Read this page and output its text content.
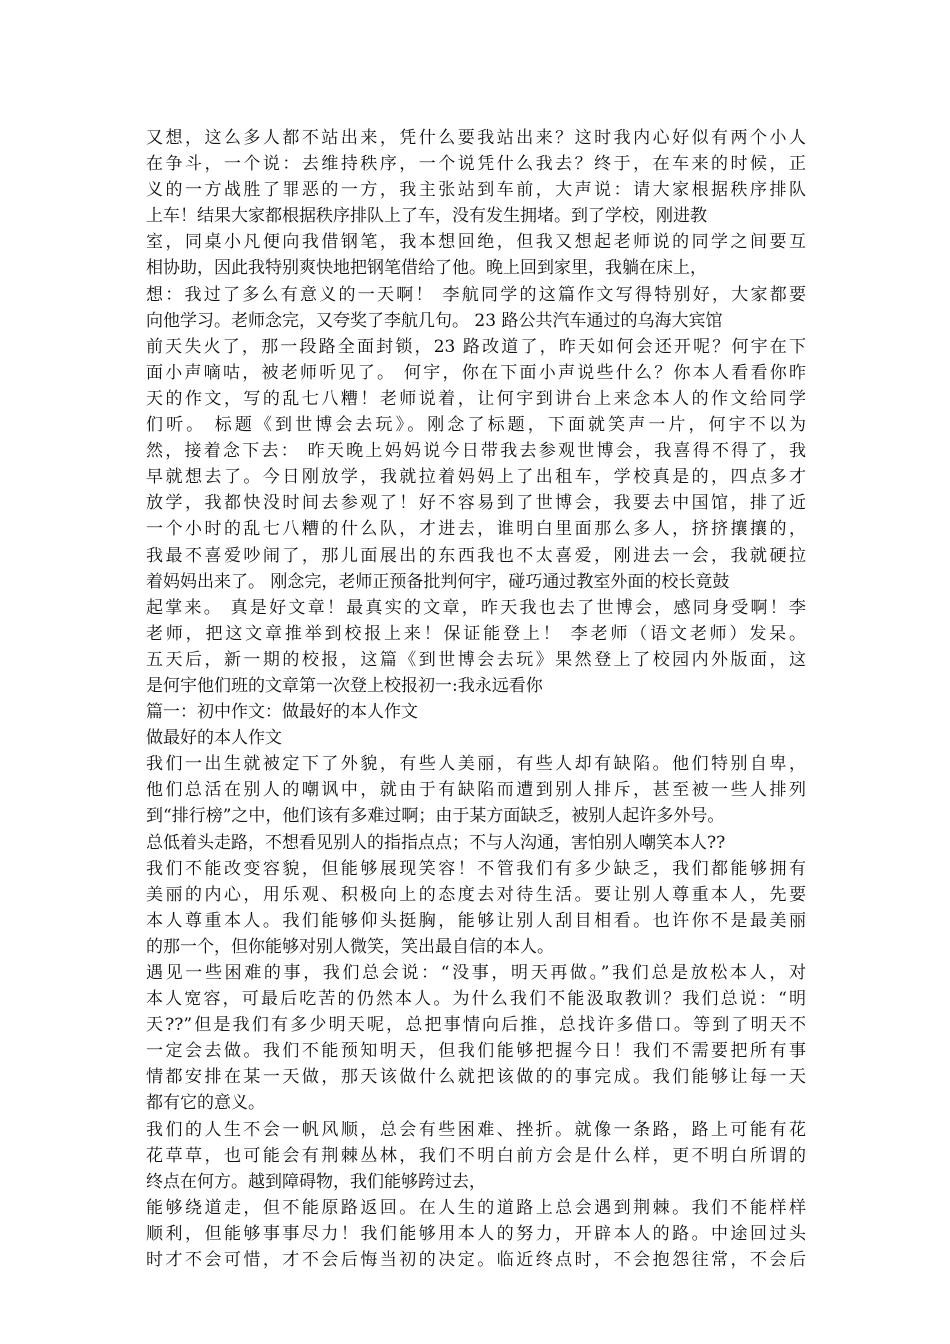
又想，这么多人都不站出来，凭什么要我站出来？这时我内心好似有两个小人
在争斗，一个说：去维持秩序，一个说凭什么我去？终于，在车来的时候，正
义的一方战胜了罪恶的一方，我主张站到车前，大声说：请大家根据秩序排队
上车！结果大家都根据秩序排队上了车，没有发生拥堵。到了学校，刚进教
室，同桌小凡便向我借钢笔，我本想回绝，但我又想起老师说的同学之间要互
相协助，因此我特别爽快地把钢笔借给了他。晚上回到家里，我躺在床上，
想：我过了多么有意义的一天啊！ 李航同学的这篇作文写得特别好，大家都要
向他学习。老师念完，又夸奖了李航几句。 23 路公共汽车通过的乌海大宾馆
前天失火了，那一段路全面封锁，23 路改道了，昨天如何会还开呢？何宇在下
面小声嘀咕，被老师听见了。 何宇，你在下面小声说些什么？你本人看看你昨
天的作文，写的乱七八糟！老师说着，让何宇到讲台上来念本人的作文给同学
们听。 标题《到世博会去玩》。刚念了标题，下面就笑声一片，何宇不以为
然，接着念下去： 昨天晚上妈妈说今日带我去参观世博会，我喜得不得了，我
早就想去了。今日刚放学，我就拉着妈妈上了出租车，学校真是的，四点多才
放学，我都快没时间去参观了！好不容易到了世博会，我要去中国馆，排了近
一个小时的乱七八糟的什么队，才进去，谁明白里面那么多人，挤挤攘攘的，
我最不喜爱吵闹了，那儿面展出的东西我也不太喜爱，刚进去一会，我就硬拉
着妈妈出来了。 刚念完，老师正预备批判何宇，碰巧通过教室外面的校长竟鼓
起掌来。 真是好文章！最真实的文章，昨天我也去了世博会，感同身受啊！李
老师，把这文章推举到校报上来！保证能登上！ 李老师（语文老师）发呆。
五天后，新一期的校报，这篇《到世博会去玩》果然登上了校园内外版面，这
是何宇他们班的文章第一次登上校报初一:我永远看你
篇一：初中作文：做最好的本人作文
做最好的本人作文
我们一出生就被定下了外貌，有些人美丽，有些人却有缺陷。他们特别自卑，
他们总活在别人的嘲讽中，就由于有缺陷而遭到别人排斥，甚至被一些人排列
到“排行榜”之中，他们该有多难过啊；由于某方面缺乏，被别人起许多外号。
总低着头走路，不想看见别人的指指点点；不与人沟通，害怕别人嘲笑本人??
我们不能改变容貌，但能够展现笑容！不管我们有多少缺乏，我们都能够拥有
美丽的内心，用乐观、积极向上的态度去对待生活。要让别人尊重本人，先要
本人尊重本人。我们能够仰头挺胸，能够让别人刮目相看。也许你不是最美丽
的那一个，但你能够对别人微笑，笑出最自信的本人。
遇见一些困难的事，我们总会说：“没事，明天再做。”我们总是放松本人，对
本人宽容，可最后吃苦的仍然本人。为什么我们不能汲取教训？我们总说：“明
天??”但是我们有多少明天呢，总把事情向后推，总找许多借口。等到了明天不
一定会去做。我们不能预知明天，但我们能够把握今日！我们不需要把所有事
情都安排在某一天做，那天该做什么就把该做的的事完成。我们能够让每一天
都有它的意义。
我们的人生不会一帆风顺，总会有些困难、挫折。就像一条路，路上可能有花
花草草，也可能会有荆棘丛林，我们不明白前方会是什么样，更不明白所谓的
终点在何方。越到障碍物，我们能够跨过去，
能够绕道走，但不能原路返回。在人生的道路上总会遇到荆棘。我们不能样样
顺利，但能够事事尽力！我们能够用本人的努力，开辟本人的路。中途回过头
时才不会可惜，才不会后悔当初的决定。临近终点时，不会抱怨往常，不会后
